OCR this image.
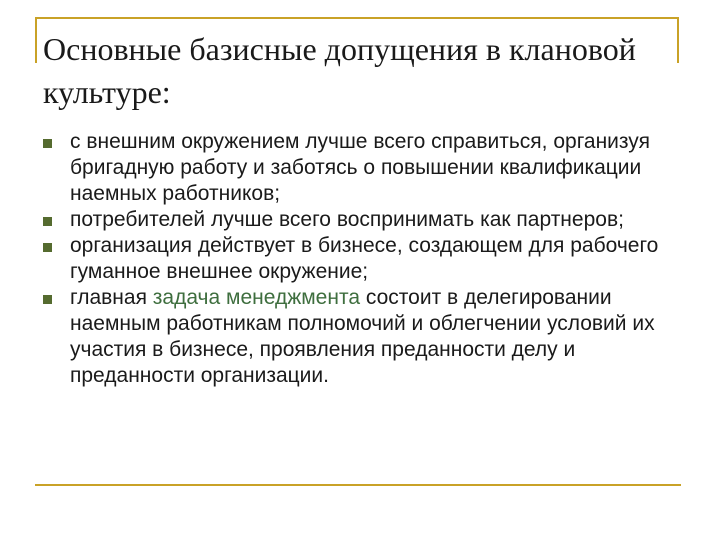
Основные базисные допущения в клановой культуре:
с внешним окружением лучше всего справиться, организуя бригадную работу и заботясь о повышении квалификации наемных работников;
потребителей лучше всего воспринимать как партнеров;
организация действует в бизнесе, создающем для рабочего гуманное внешнее окружение;
главная задача менеджмента состоит в делегировании наемным работникам полномочий и облегчении условий их участия в бизнесе, проявления преданности делу и преданности организации.
